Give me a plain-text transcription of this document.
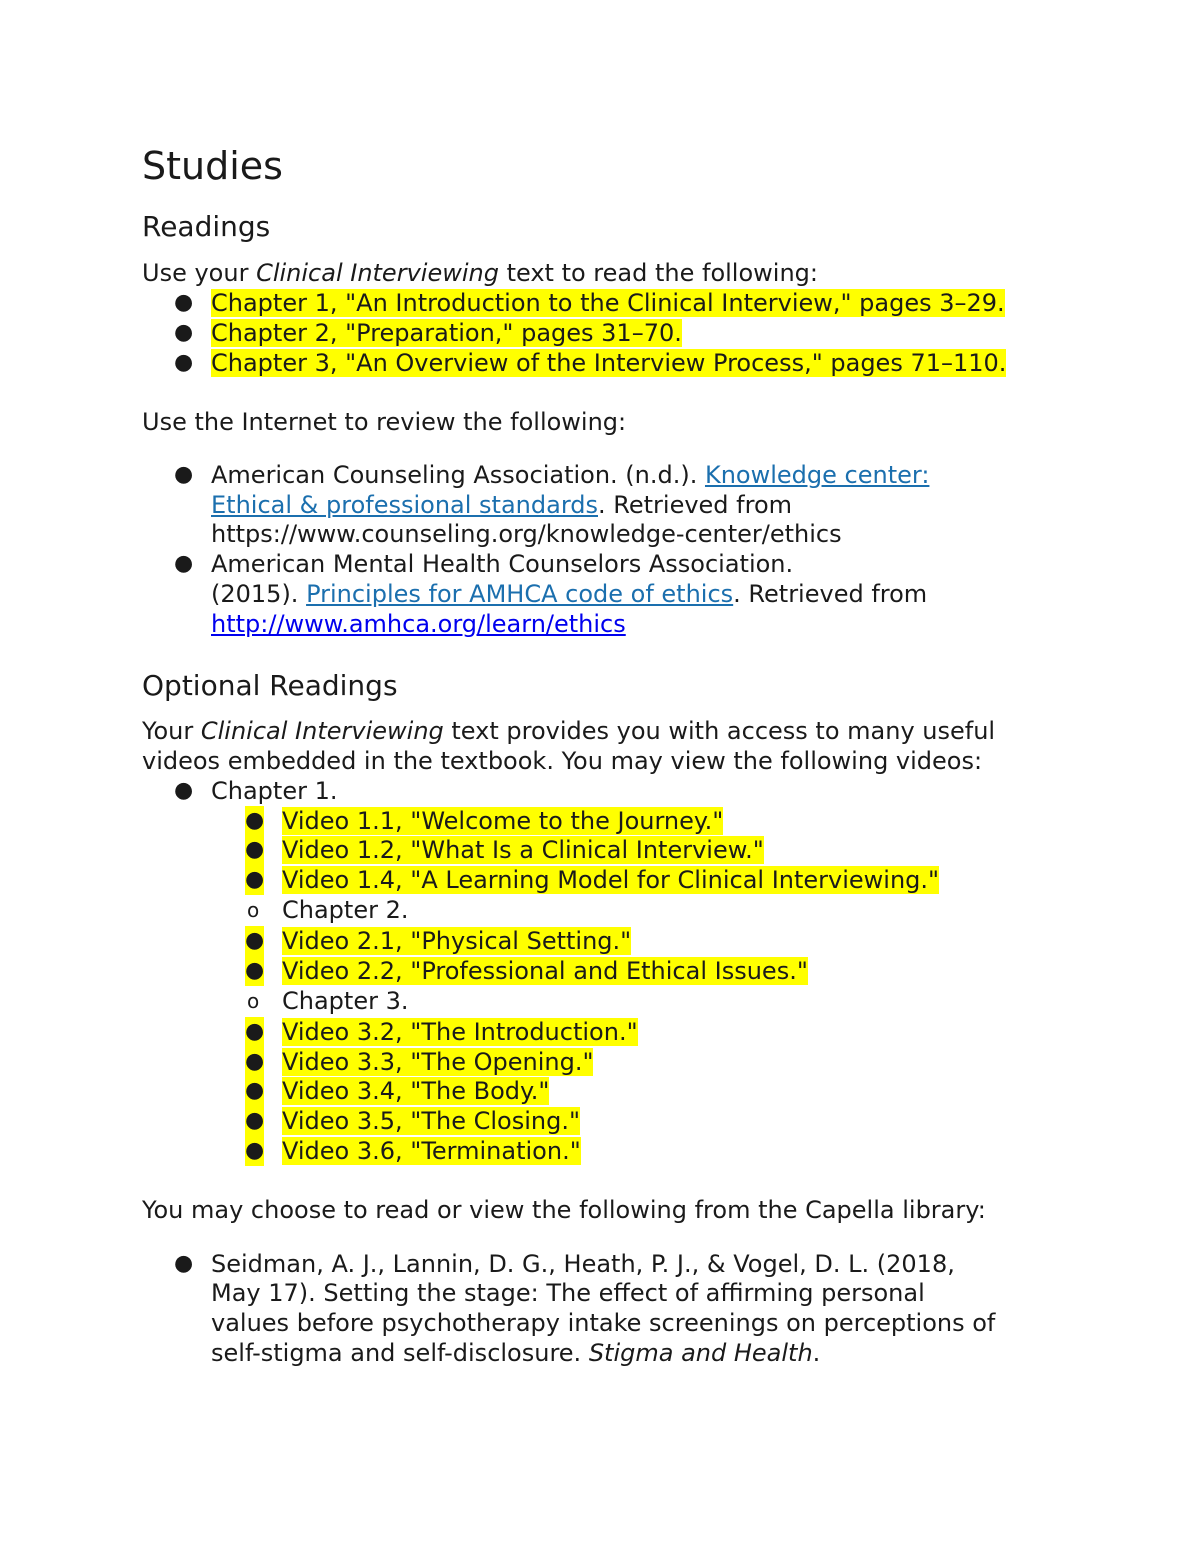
Studies
Readings

Use your Clinical Interviewing text to read the following:

● Chapter 1, "An Introduction to the Clinical Interview," pages 3–29.

● Chapter 2, "Preparation," pages 31–70.

● Chapter 3, "An Overview of the Interview Process," pages 71–110.

Use the Internet to review the following:

● American Counseling Association. (n.d.). Knowledge center:

Ethical & professional standards. Retrieved from

https://www.counseling.org/knowledge-center/ethics

● American Mental Health Counselors Association.

(2015). Principles for AMHCA code of ethics. Retrieved from

http://www.amhca.org/learn/ethics

Optional Readings

Your Clinical Interviewing text provides you with access to many useful

videos embedded in the textbook. You may view the following videos:

● Chapter 1.

● Video 1.1, "Welcome to the Journey."

● Video 1.2, "What Is a Clinical Interview."

● Video 1.4, "A Learning Model for Clinical Interviewing."

o Chapter 2.

● Video 2.1, "Physical Setting."

● Video 2.2, "Professional and Ethical Issues."

o Chapter 3.

● Video 3.2, "The Introduction."

● Video 3.3, "The Opening."

● Video 3.4, "The Body."

● Video 3.5, "The Closing."

● Video 3.6, "Termination."

You may choose to read or view the following from the Capella library:

● Seidman, A. J., Lannin, D. G., Heath, P. J., & Vogel, D. L. (2018,

May 17). Setting the stage: The effect of affirming personal

values before psychotherapy intake screenings on perceptions of

self-stigma and self-disclosure. Stigma and Health.
